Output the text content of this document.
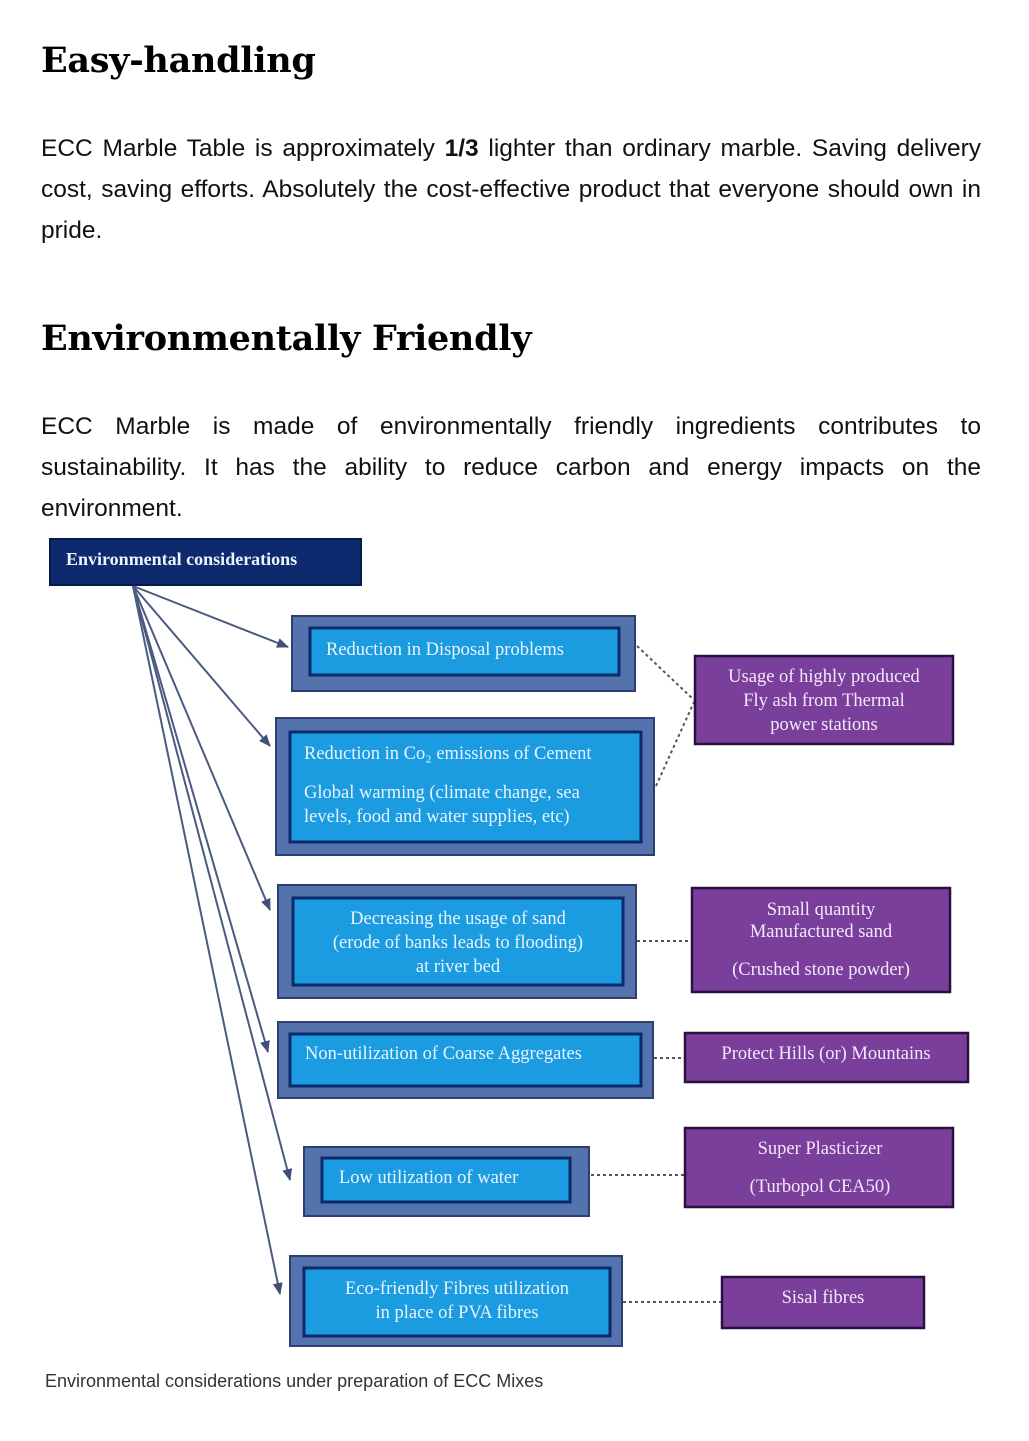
Easy-handling

ECC Marble Table is approximately 1/3 lighter than ordinary marble. Saving delivery cost, saving efforts. Absolutely the cost-effective product that everyone should own in pride.

Environmentally Friendly

ECC Marble is made of environmentally friendly ingredients contributes to sustainability. It has the ability to reduce carbon and energy impacts on the environment.

Environmental considerations
Reduction in Disposal problems
Reduction in Co₂ emissions of Cement
Global warming (climate change, sea
levels, food and water supplies, etc)
Decreasing the usage of sand
(erode of banks leads to flooding)
at river bed
Non-utilization of Coarse Aggregates
Low utilization of water
Eco-friendly Fibres utilization
in place of PVA fibres
Usage of highly produced
Fly ash from Thermal
power stations
Small quantity
Manufactured sand
(Crushed stone powder)
Protect Hills (or) Mountains
Super Plasticizer
(Turbopol CEA50)
Sisal fibres

Environmental considerations under preparation of ECC Mixes
